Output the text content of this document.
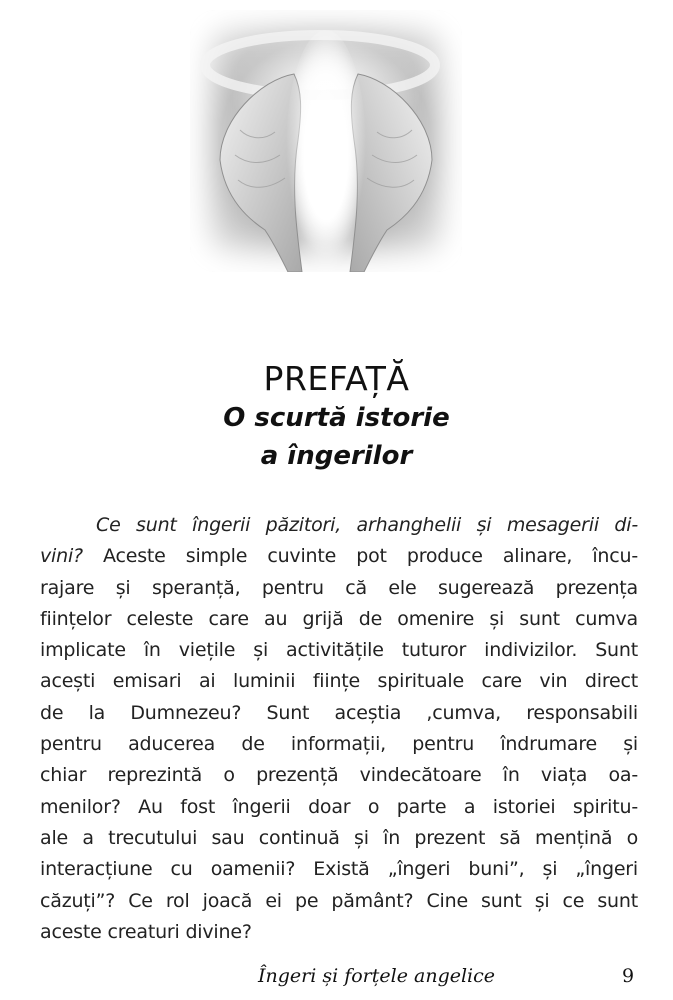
PREFAȚĂ
O scurtă istorie
a îngerilor
Ce sunt îngerii păzitori, arhanghelii și mesagerii di-
vini? Aceste simple cuvinte pot produce alinare, încu-
rajare și speranță, pentru că ele sugerează prezența
ființelor celeste care au grijă de omenire și sunt cumva
implicate în viețile și activitățile tuturor indivizilor. Sunt
acești emisari ai luminii ființe spirituale care vin direct
de la Dumnezeu? Sunt aceștia ,cumva, responsabili
pentru aducerea de informații, pentru îndrumare și
chiar reprezintă o prezență vindecătoare în viața oa-
menilor? Au fost îngerii doar o parte a istoriei spiritu-
ale a trecutului sau continuă și în prezent să mențină o
interacțiune cu oamenii? Există „îngeri buni”, și „îngeri
căzuți”? Ce rol joacă ei pe pământ? Cine sunt și ce sunt
aceste creaturi divine?
Îngeri și forțele angelice	9
